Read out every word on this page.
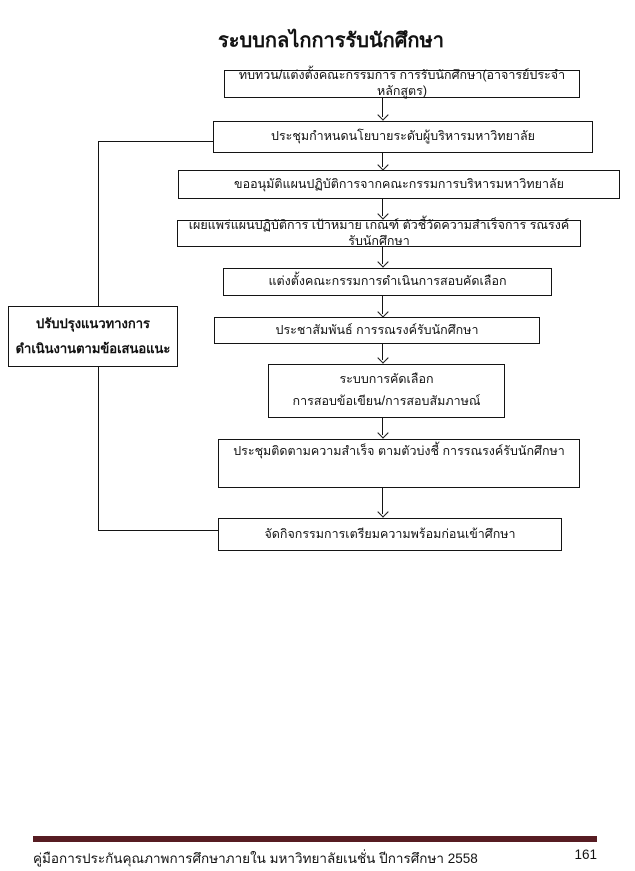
ระบบกลไกการรับนักศึกษา
ทบทวน/แต่งตั้งคณะกรรมการ การรับนักศึกษา(อาจารย์ประจำหลักสูตร)
ประชุมกำหนดนโยบายระดับผู้บริหารมหาวิทยาลัย
ขออนุมัติแผนปฏิบัติการจากคณะกรรมการบริหารมหาวิทยาลัย
เผยแพร่แผนปฏิบัติการ เป้าหมาย เกณฑ์ ตัวชี้วัดความสำเร็จการ รณรงค์รับนักศึกษา
แต่งตั้งคณะกรรมการดำเนินการสอบคัดเลือก
ประชาสัมพันธ์ การรณรงค์รับนักศึกษา
ระบบการคัดเลือก
การสอบข้อเขียน/การสอบสัมภาษณ์
ประชุมติดตามความสำเร็จ ตามตัวบ่งชี้ การรณรงค์รับนักศึกษา
จัดกิจกรรมการเตรียมความพร้อมก่อนเข้าศึกษา
ปรับปรุงแนวทางการ
ดำเนินงานตามข้อเสนอแนะ
คู่มือการประกันคุณภาพการศึกษาภายใน มหาวิทยาลัยเนชั่น ปีการศึกษา 2558	161
